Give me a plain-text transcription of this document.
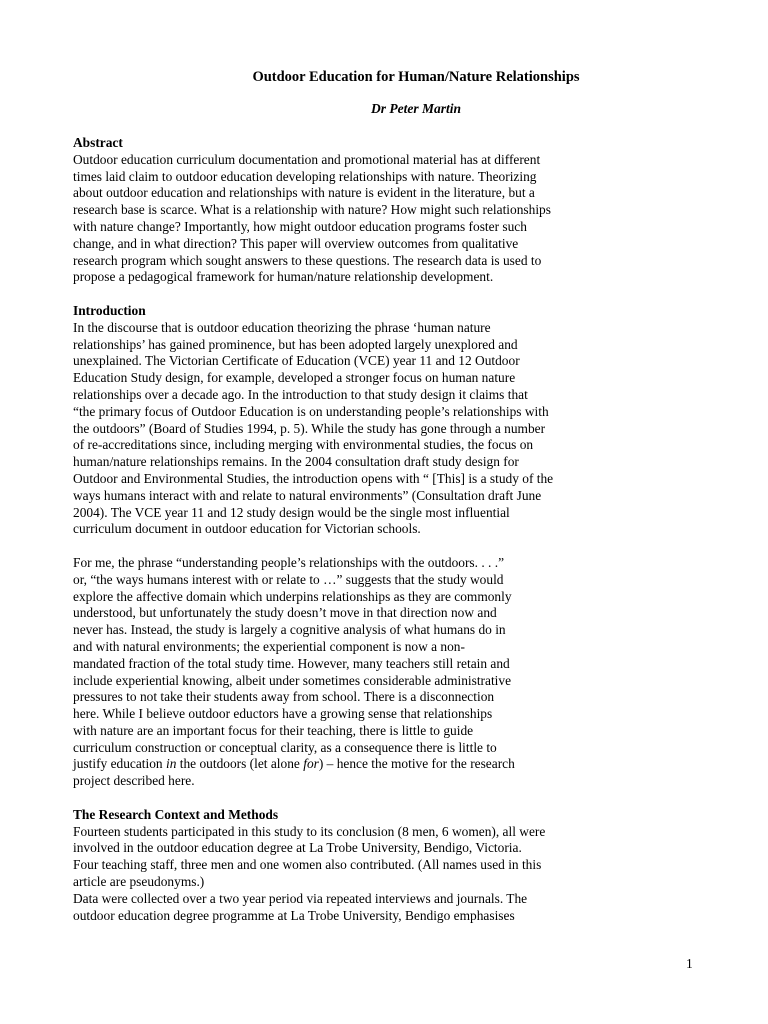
Outdoor Education for Human/Nature Relationships
Dr Peter Martin
Abstract
Outdoor education curriculum documentation and promotional material has at different
times laid claim to outdoor education developing relationships with nature. Theorizing
about outdoor education and relationships with nature is evident in the literature, but a
research base is scarce. What is a relationship with nature? How might such relationships
with nature change? Importantly, how might outdoor education programs foster such
change, and in what direction? This paper will overview outcomes from qualitative
research program which sought answers to these questions. The research data is used to
propose a pedagogical framework for human/nature relationship development.
Introduction
In the discourse that is outdoor education theorizing the phrase ‘human nature
relationships’ has gained prominence, but has been adopted largely unexplored and
unexplained. The Victorian Certificate of Education (VCE) year 11 and 12 Outdoor
Education Study design, for example, developed a stronger focus on human nature
relationships over a decade ago. In the introduction to that study design it claims that
“the primary focus of Outdoor Education is on understanding people’s relationships with
the outdoors” (Board of Studies 1994, p. 5). While the study has gone through a number
of re-accreditations since, including merging with environmental studies, the focus on
human/nature relationships remains. In the 2004 consultation draft study design for
Outdoor and Environmental Studies, the introduction opens with “ [This] is a study of the
ways humans interact with and relate to natural environments” (Consultation draft June
2004). The VCE year 11 and 12 study design would be the single most influential
curriculum document in outdoor education for Victorian schools.
For me, the phrase “understanding people’s relationships with the outdoors. . . .”
or, “the ways humans interest with or relate to …” suggests that the study would
explore the affective domain which underpins relationships as they are commonly
understood, but unfortunately the study doesn’t move in that direction now and
never has. Instead, the study is largely a cognitive analysis of what humans do in
and with natural environments; the experiential component is now a non-
mandated fraction of the total study time. However, many teachers still retain and
include experiential knowing, albeit under sometimes considerable administrative
pressures to not take their students away from school. There is a disconnection
here. While I believe outdoor eductors have a growing sense that relationships
with nature are an important focus for their teaching, there is little to guide
curriculum construction or conceptual clarity, as a consequence there is little to
justify education in the outdoors (let alone for) – hence the motive for the research
project described here.
The Research Context and Methods
Fourteen students participated in this study to its conclusion (8 men, 6 women), all were
involved in the outdoor education degree at La Trobe University, Bendigo, Victoria.
Four teaching staff, three men and one women also contributed. (All names used in this
article are pseudonyms.)
Data were collected over a two year period via repeated interviews and journals. The
outdoor education degree programme at La Trobe University, Bendigo emphasises
1
